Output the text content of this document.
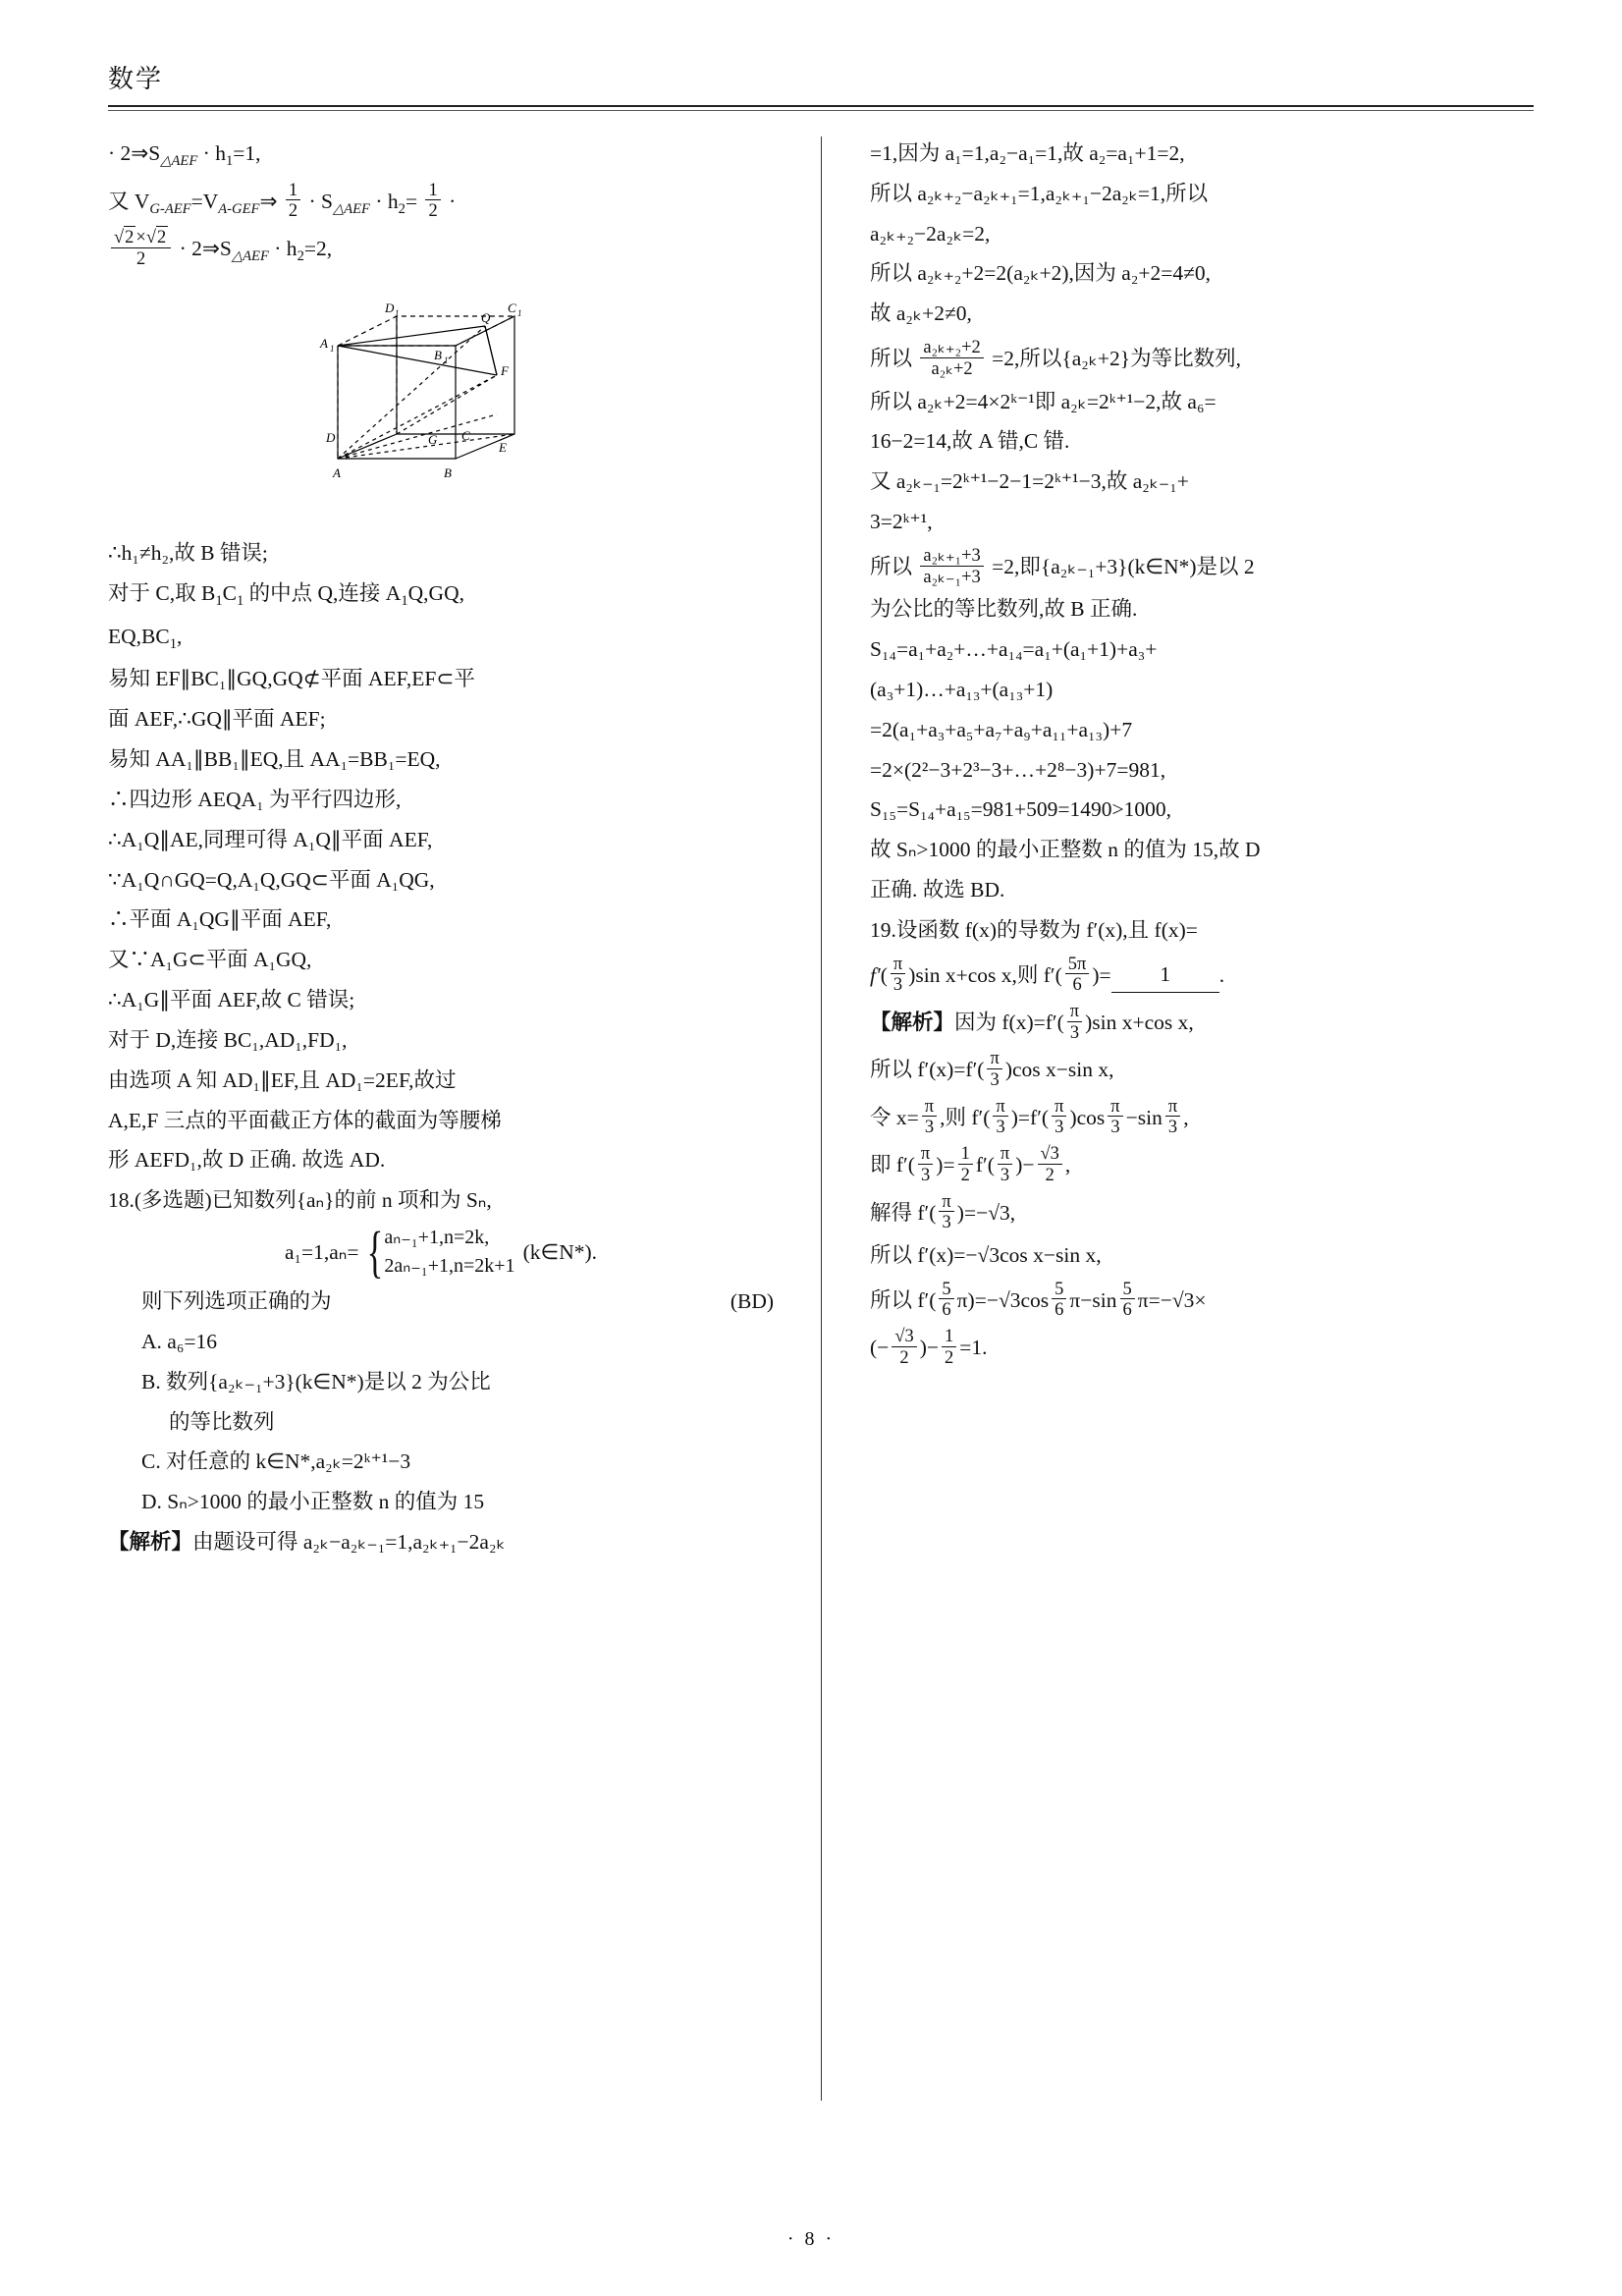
数学

· $2\Rightarrow S_{\triangle AEF} \cdot h_1=1$,

又 $V_{G-AEF}=V_{A-GEF}\Rightarrow \frac{1}{2} \cdot S_{\triangle AEF} \cdot h_2= \frac{1}{2}$ ·

$\frac{√2 \times√2}{2}$ · $2\Rightarrow S_{\triangle AEF} \cdot h_2=2$,

D 1	C 1
A 1	B 1
Q
F
G C
E
D
A	B

∴h₁≠h₂,故 B 错误;

对于 C,取 $B_1C_1$ 的中点 Q,连接 $A_1Q,GQ$,

$EQ,BC_1$,

易知 EF∥BC₁∥GQ,GQ⊄平面 AEF,EF⊂平

面 AEF,∴GQ∥平面 AEF;

易知 AA₁∥BB₁∥EQ,且 AA₁=BB₁=EQ,

∴四边形 AEQA₁ 为平行四边形,

∴A₁Q∥AE,同理可得 A₁Q∥平面 AEF,

∵A₁Q∩GQ=Q,A₁Q,GQ⊂平面 A₁QG,

∴平面 A₁QG∥平面 AEF,

又∵A₁G⊂平面 A₁GQ,

∴A₁G∥平面 AEF,故 C 错误;

对于 D,连接 BC₁,AD₁,FD₁,

由选项 A 知 AD₁∥EF,且 AD₁=2EF,故过

A,E,F 三点的平面截正方体的截面为等腰梯

形 AEFD₁,故 D 正确. 故选 AD.

18.(多选题)已知数列{aₙ}的前 n 项和为 Sₙ,

a₁=1,aₙ= { aₙ₋₁+1,n=2k,
2aₙ₋₁+1,n=2k+1
(k∈N*).

则下列选项正确的为	(BD)

A. a₆=16

B. 数列{a₂ₖ₋₁+3}(k∈N*)是以 2 为公比

的等比数列

C. 对任意的 k∈N*,a₂ₖ=2ᵏ⁺¹−3

D. Sₙ>1000 的最小正整数 n 的值为 15

【解析】由题设可得 a₂ₖ−a₂ₖ₋₁=1,a₂ₖ₊₁−2a₂ₖ

=1,因为 a₁=1,a₂−a₁=1,故 a₂=a₁+1=2,

所以 a₂ₖ₊₂−a₂ₖ₊₁=1,a₂ₖ₊₁−2a₂ₖ=1,所以

a₂ₖ₊₂−2a₂ₖ=2,

所以 a₂ₖ₊₂+2=2(a₂ₖ+2),因为 a₂+2=4≠0,

故 a₂ₖ+2≠0,

所以 $\frac{\text{a₂ₖ₊₂+2}}{\text{a₂ₖ+2}} =2$,所以{a₂ₖ+2}为等比数列,

所以 a₂ₖ+2=4×2ᵏ⁻¹即 a₂ₖ=2ᵏ⁺¹−2,故 a₆=

16−2=14,故 A 错,C 错.

又 a₂ₖ₋₁=2ᵏ⁺¹−2−1=2ᵏ⁺¹−3,故 a₂ₖ₋₁+

3=2ᵏ⁺¹,

所以 $\frac{\text{a₂ₖ₊₁+3}}{\text{a₂ₖ₋₁+3}} =2$,即{a₂ₖ₋₁+3}(k∈N*)是以 2

为公比的等比数列,故 B 正确.

S₁₄=a₁+a₂+…+a₁₄=a₁+(a₁+1)+a₃+

(a₃+1)…+a₁₃+(a₁₃+1)

=2(a₁+a₃+a₅+a₇+a₉+a₁₁+a₁₃)+7

=2×(2²−3+2³−3+…+2⁸−3)+7=981,

S₁₅=S₁₄+a₁₅=981+509=1490>1000,

故 Sₙ>1000 的最小正整数 n 的值为 15,故 D

正确. 故选 BD.

19.设函数 f(x)的导数为 f′(x),且 f(x)=

$f'( \frac{\pi}{3} )\sin$ x+cos x,则 $f'( \frac{5\pi}{6}$ )= 1 .

【解析】因为 $f(x)=f'( \frac{\pi}{3} )\sin$ x+cos x,

所以 $f'(x)=f'( \frac{\pi}{3} )\cos$ x−sin x,

令 $x= \frac{\pi}{3}$ ,则 $f'( \frac{\pi}{3} )=f'( \frac{\pi}{3} )\cos \frac{\pi}{3} -\sin \frac{\pi}{3}$ ,

即 $f'( \frac{\pi}{3}$ )= $\frac{1}{2} f'( \frac{\pi}{3}$ )− $\frac{√3}{2}$ ,

解得 $f'( \frac{\pi}{3} )=-√3$,

所以 f′(x)=−√3cos x−sin x,

所以 $f'( \frac{5}{6} \pi)=-√3\cos \frac{5}{6} \pi-\sin \frac{5}{6} \pi=-√3\times$

(− $\frac{√3}{2}$ )− $\frac{1}{2} =1$.

· 8 ·
